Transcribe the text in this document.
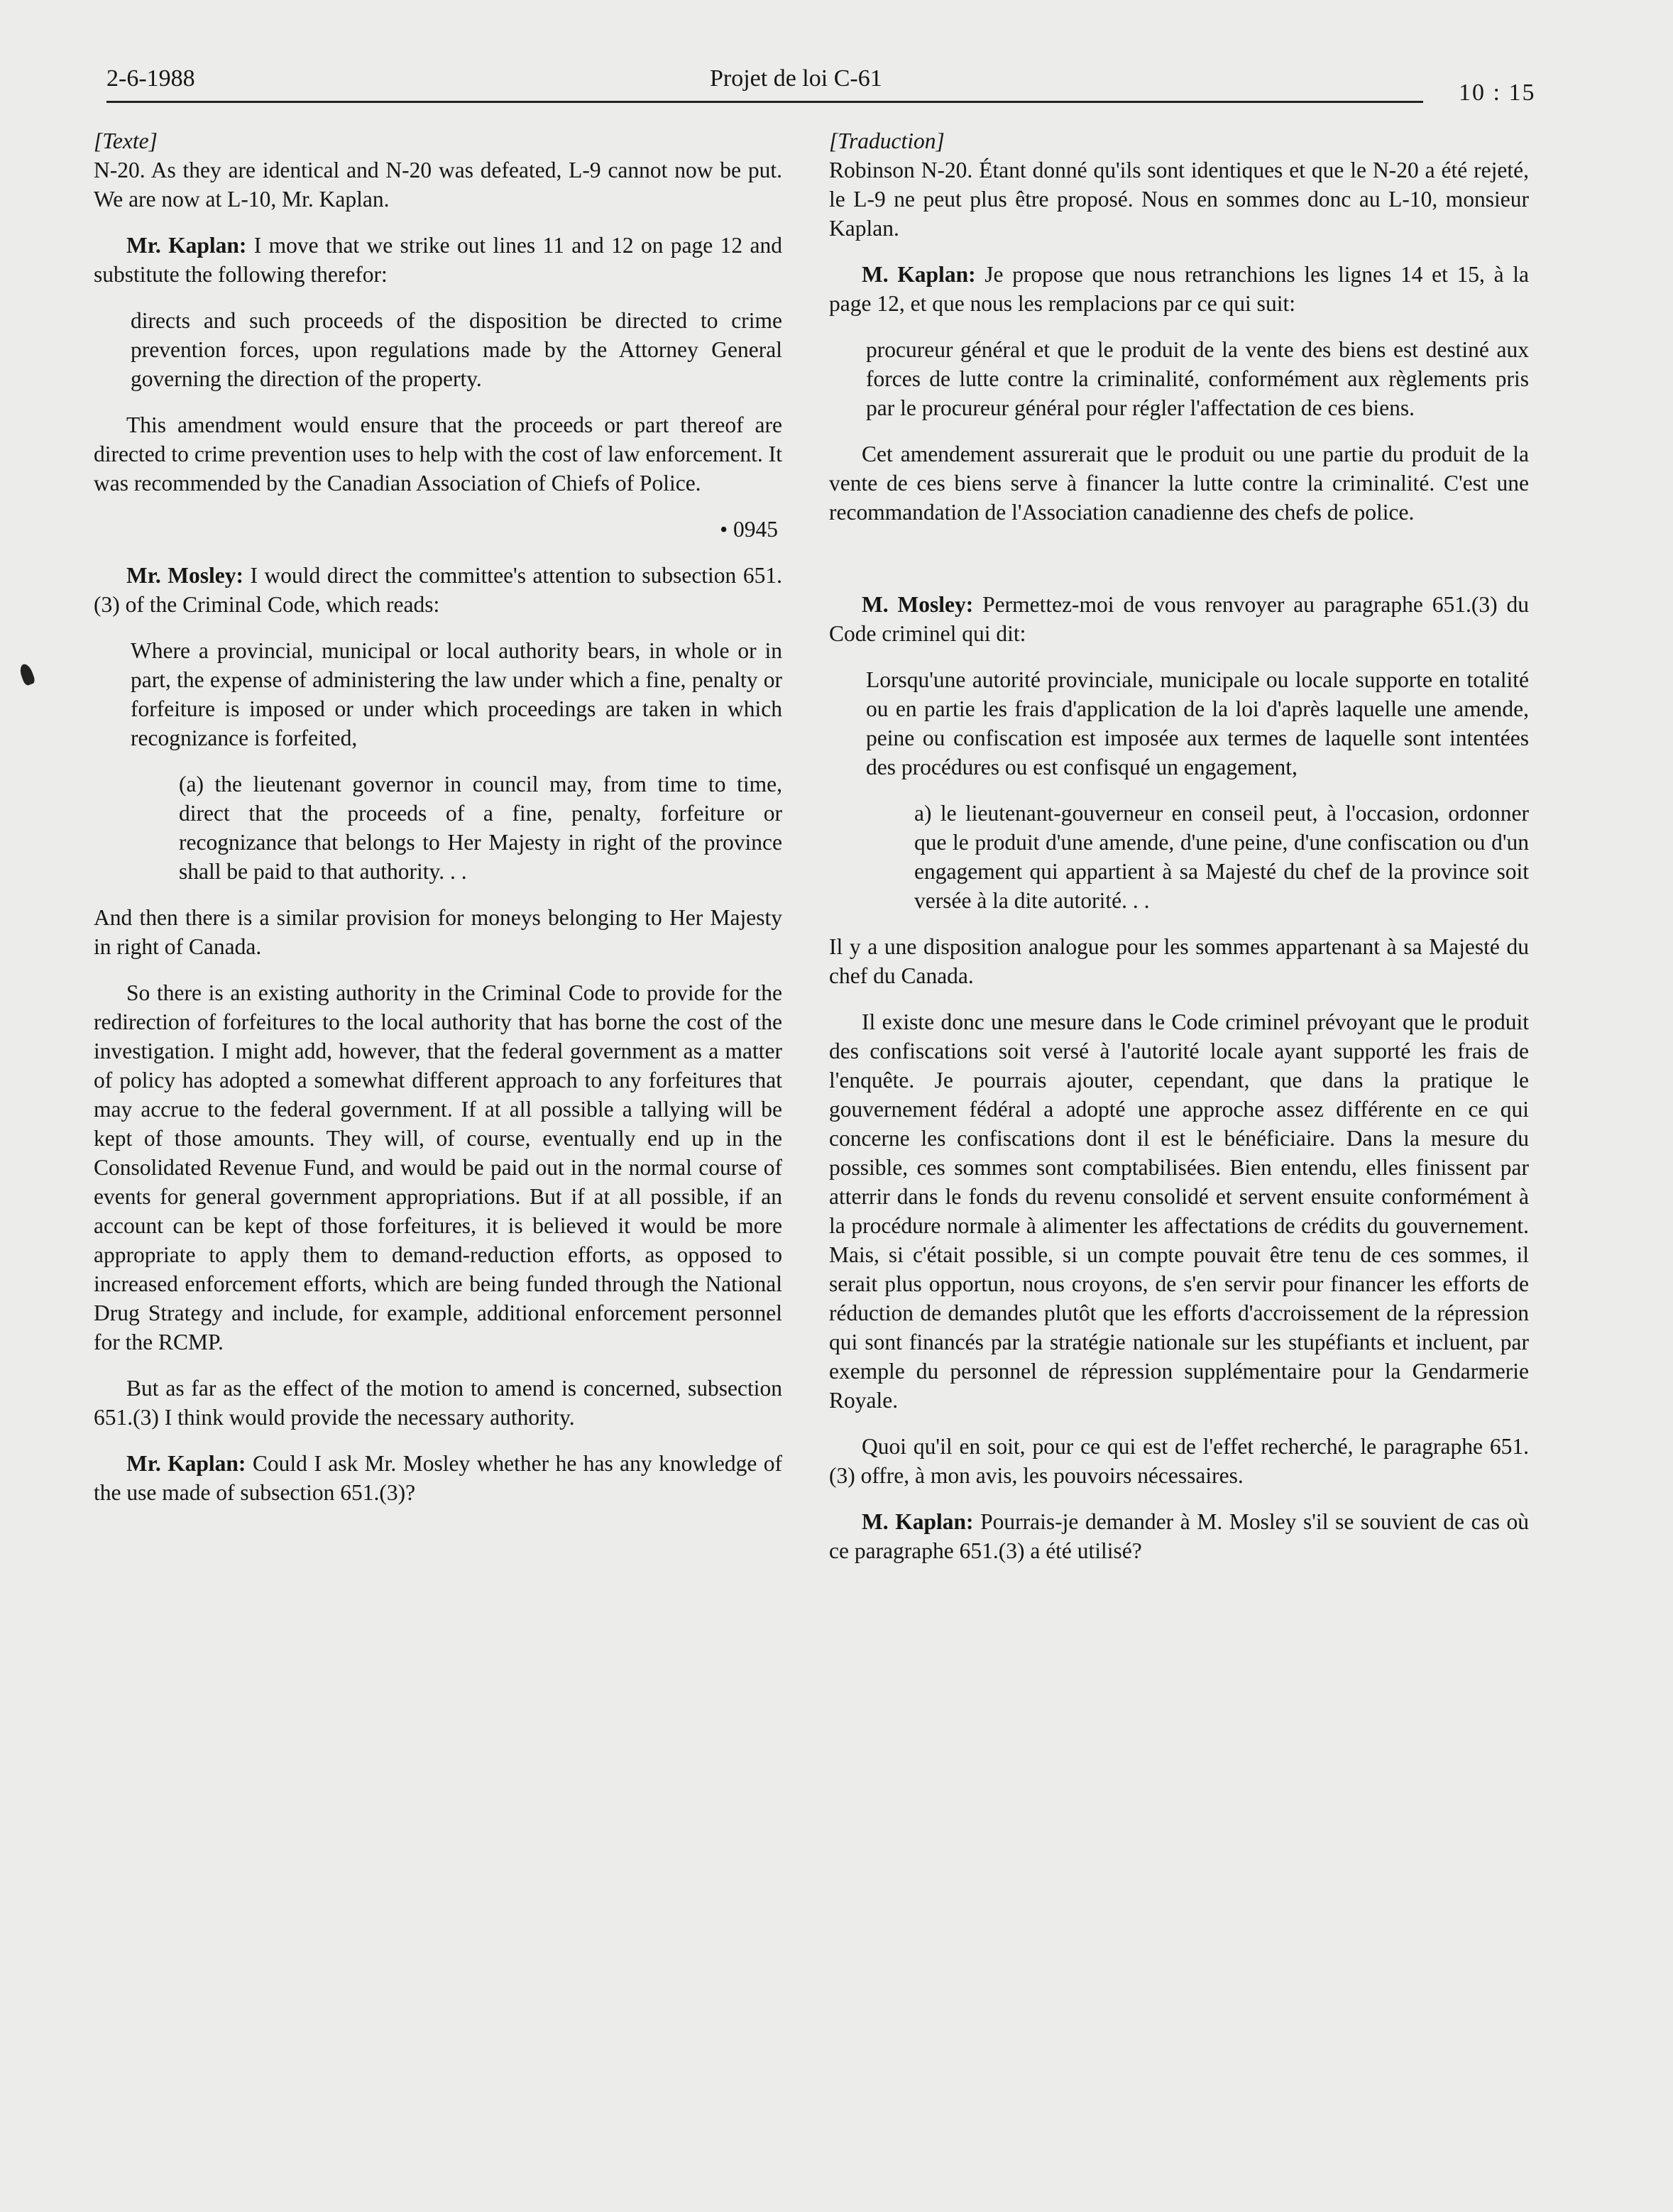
2-6-1988	Projet de loi C-61
10 : 15

[Texte]

N-20. As they are identical and N-20 was defeated, L-9 cannot now be put. We are now at L-10, Mr. Kaplan.

Mr. Kaplan: I move that we strike out lines 11 and 12 on page 12 and substitute the following therefor:

directs and such proceeds of the disposition be directed to crime prevention forces, upon regulations made by the Attorney General governing the direction of the property.

This amendment would ensure that the proceeds or part thereof are directed to crime prevention uses to help with the cost of law enforcement. It was recommended by the Canadian Association of Chiefs of Police.

• 0945

Mr. Mosley: I would direct the committee's attention to subsection 651.(3) of the Criminal Code, which reads:

Where a provincial, municipal or local authority bears, in whole or in part, the expense of administering the law under which a fine, penalty or forfeiture is imposed or under which proceedings are taken in which recognizance is forfeited,

(a) the lieutenant governor in council may, from time to time, direct that the proceeds of a fine, penalty, forfeiture or recognizance that belongs to Her Majesty in right of the province shall be paid to that authority. . .

And then there is a similar provision for moneys belonging to Her Majesty in right of Canada.

So there is an existing authority in the Criminal Code to provide for the redirection of forfeitures to the local authority that has borne the cost of the investigation. I might add, however, that the federal government as a matter of policy has adopted a somewhat different approach to any forfeitures that may accrue to the federal government. If at all possible a tallying will be kept of those amounts. They will, of course, eventually end up in the Consolidated Revenue Fund, and would be paid out in the normal course of events for general government appropriations. But if at all possible, if an account can be kept of those forfeitures, it is believed it would be more appropriate to apply them to demand-reduction efforts, as opposed to increased enforcement efforts, which are being funded through the National Drug Strategy and include, for example, additional enforcement personnel for the RCMP.

But as far as the effect of the motion to amend is concerned, subsection 651.(3) I think would provide the necessary authority.

Mr. Kaplan: Could I ask Mr. Mosley whether he has any knowledge of the use made of subsection 651.(3)?

[Traduction]

Robinson N-20. Étant donné qu'ils sont identiques et que le N-20 a été rejeté, le L-9 ne peut plus être proposé. Nous en sommes donc au L-10, monsieur Kaplan.

M. Kaplan: Je propose que nous retranchions les lignes 14 et 15, à la page 12, et que nous les remplacions par ce qui suit:

procureur général et que le produit de la vente des biens est destiné aux forces de lutte contre la criminalité, conformément aux règlements pris par le procureur général pour régler l'affectation de ces biens.

Cet amendement assurerait que le produit ou une partie du produit de la vente de ces biens serve à financer la lutte contre la criminalité. C'est une recommandation de l'Association canadienne des chefs de police.

M. Mosley: Permettez-moi de vous renvoyer au paragraphe 651.(3) du Code criminel qui dit:

Lorsqu'une autorité provinciale, municipale ou locale supporte en totalité ou en partie les frais d'application de la loi d'après laquelle une amende, peine ou confiscation est imposée aux termes de laquelle sont intentées des procédures ou est confisqué un engagement,

a) le lieutenant-gouverneur en conseil peut, à l'occasion, ordonner que le produit d'une amende, d'une peine, d'une confiscation ou d'un engagement qui appartient à sa Majesté du chef de la province soit versée à la dite autorité. . .

Il y a une disposition analogue pour les sommes appartenant à sa Majesté du chef du Canada.

Il existe donc une mesure dans le Code criminel prévoyant que le produit des confiscations soit versé à l'autorité locale ayant supporté les frais de l'enquête. Je pourrais ajouter, cependant, que dans la pratique le gouvernement fédéral a adopté une approche assez différente en ce qui concerne les confiscations dont il est le bénéficiaire. Dans la mesure du possible, ces sommes sont comptabilisées. Bien entendu, elles finissent par atterrir dans le fonds du revenu consolidé et servent ensuite conformément à la procédure normale à alimenter les affectations de crédits du gouvernement. Mais, si c'était possible, si un compte pouvait être tenu de ces sommes, il serait plus opportun, nous croyons, de s'en servir pour financer les efforts de réduction de demandes plutôt que les efforts d'accroissement de la répression qui sont financés par la stratégie nationale sur les stupéfiants et incluent, par exemple du personnel de répression supplémentaire pour la Gendarmerie Royale.

Quoi qu'il en soit, pour ce qui est de l'effet recherché, le paragraphe 651.(3) offre, à mon avis, les pouvoirs nécessaires.

M. Kaplan: Pourrais-je demander à M. Mosley s'il se souvient de cas où ce paragraphe 651.(3) a été utilisé?
